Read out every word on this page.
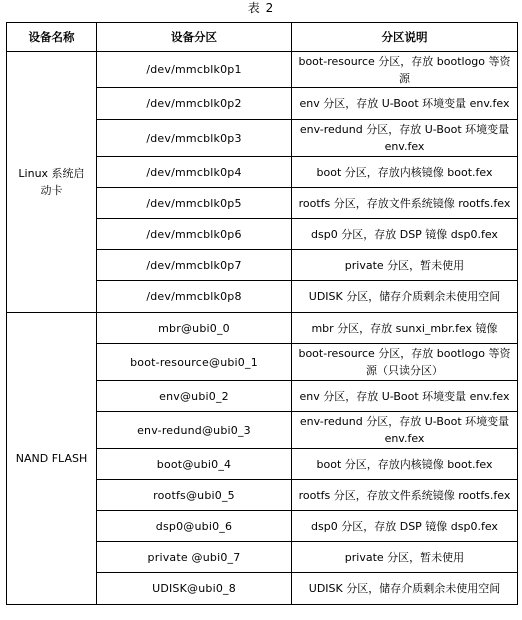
表 2
设备名称	设备分区	分区说明
Linux 系统启动卡	/dev/mmcblk0p1	boot-resource 分区，存放 bootlogo 等资源
	/dev/mmcblk0p2	env 分区，存放 U-Boot 环境变量 env.fex
	/dev/mmcblk0p3	env-redund 分区，存放 U-Boot 环境变量 env.fex
	/dev/mmcblk0p4	boot 分区，存放内核镜像 boot.fex
	/dev/mmcblk0p5	rootfs 分区，存放文件系统镜像 rootfs.fex
	/dev/mmcblk0p6	dsp0 分区，存放 DSP 镜像 dsp0.fex
	/dev/mmcblk0p7	private 分区，暂未使用
	/dev/mmcblk0p8	UDISK 分区，储存介质剩余未使用空间
NAND FLASH	mbr@ubi0_0	mbr 分区，存放 sunxi_mbr.fex 镜像
	boot-resource@ubi0_1	boot-resource 分区，存放 bootlogo 等资源（只读分区）
	env@ubi0_2	env 分区，存放 U-Boot 环境变量 env.fex
	env-redund@ubi0_3	env-redund 分区，存放 U-Boot 环境变量 env.fex
	boot@ubi0_4	boot 分区，存放内核镜像 boot.fex
	rootfs@ubi0_5	rootfs 分区，存放文件系统镜像 rootfs.fex
	dsp0@ubi0_6	dsp0 分区，存放 DSP 镜像 dsp0.fex
	private @ubi0_7	private 分区，暂未使用
	UDISK@ubi0_8	UDISK 分区，储存介质剩余未使用空间
